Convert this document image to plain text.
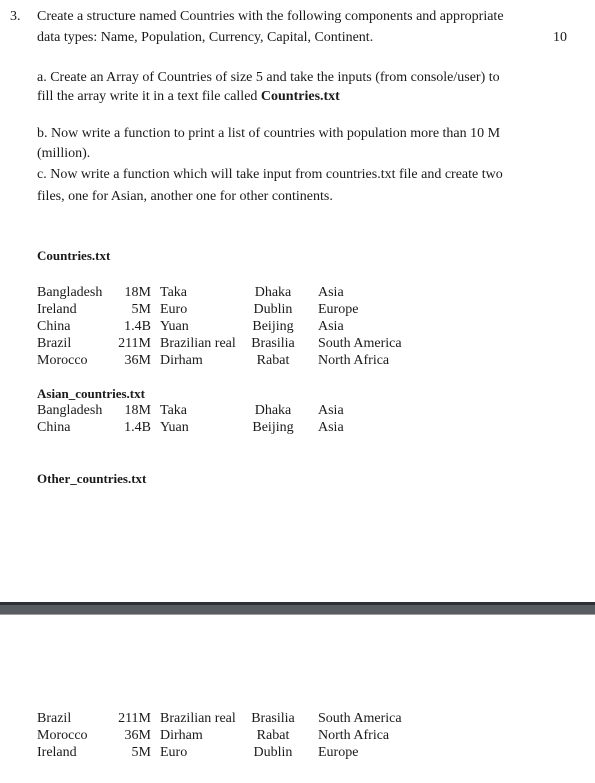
3. Create a structure named Countries with the following components and appropriate
data types: Name, Population, Currency, Capital, Continent.	10
a. Create an Array of Countries of size 5 and take the inputs (from console/user) to
fill the array write it in a text file called Countries.txt
b. Now write a function to print a list of countries with population more than 10 M
(million).
c. Now write a function which will take input from countries.txt file and create two
files, one for Asian, another one for other continents.
Countries.txt
Bangladesh	18M Taka	Dhaka	Asia
Ireland	5M Euro	Dublin	Europe
China	1.4B Yuan	Beijing	Asia
Brazil	211M Brazilian real	Brasilia	South America
Morocco	36M Dirham	Rabat	North Africa
Asian_countries.txt
Bangladesh	18M Taka	Dhaka	Asia
China	1.4B Yuan	Beijing	Asia
Other_countries.txt
Brazil	211M Brazilian real	Brasilia	South America
Morocco	36M Dirham	Rabat	North Africa
Ireland	5M Euro	Dublin	Europe
